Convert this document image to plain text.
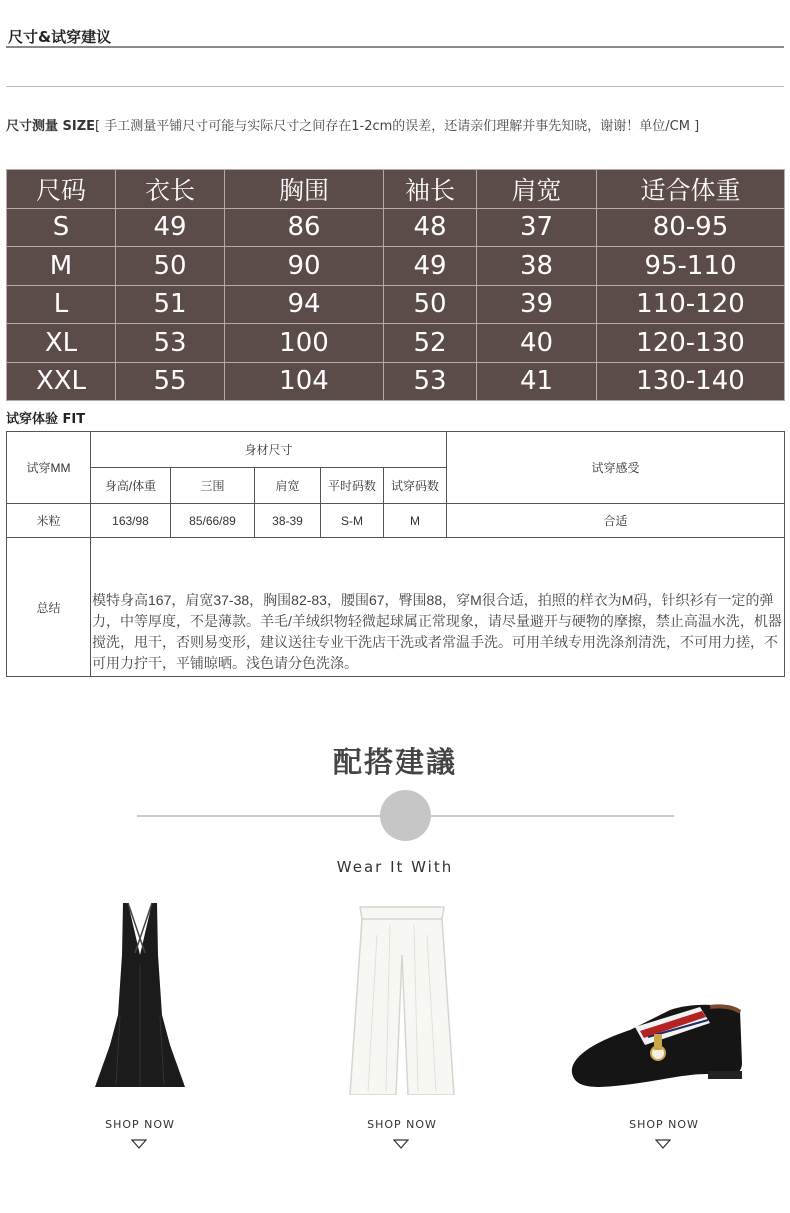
尺寸&试穿建议
尺寸测量 SIZE[ 手工测量平铺尺寸可能与实际尺寸之间存在1-2cm的误差，还请亲们理解并事先知晓，谢谢！单位/CM ]
尺码	衣长	胸围	袖长	肩宽	适合体重
S	49	86	48	37	80-95
M	50	90	49	38	95-110
L	51	94	50	39	110-120
XL	53	100	52	40	120-130
XXL	55	104	53	41	130-140
试穿体验 FIT
试穿MM	身材尺寸					试穿感受
	身高/体重	三围	肩宽	平时码数	试穿码数	
米粒	163/98	85/66/89	38-39	S-M	M	合适
总结	模特身高167，肩宽37-38，胸围82-83，腰围67，臀围88，穿M很合适，拍照的样衣为M码，针织衫有一定的弹力，中等厚度，不是薄款。羊毛/羊绒织物轻微起球属正常现象，请尽量避开与硬物的摩擦，禁止高温水洗，机器搅洗，甩干，否则易变形，建议送往专业干洗店干洗或者常温手洗。可用羊绒专用洗涤剂清洗，不可用力搓，不可用力拧干，平铺晾晒。浅色请分色洗涤。					
配搭建議
Wear It With
SHOP NOW	SHOP NOW	SHOP NOW
